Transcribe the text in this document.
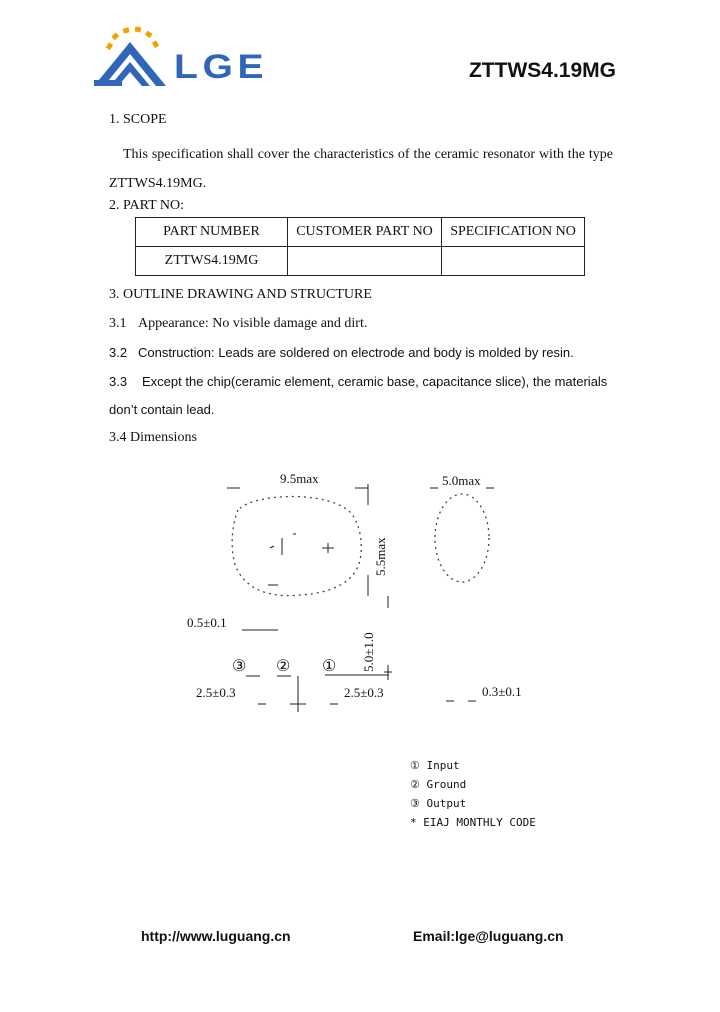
LGE	ZTTWS4.19MG
1. SCOPE
This specification shall cover the characteristics of the ceramic resonator with the type ZTTWS4.19MG.
2. PART NO:
PART NUMBER	CUSTOMER PART NO	SPECIFICATION NO
ZTTWS4.19MG		
3. OUTLINE DRAWING AND STRUCTURE
3.1 Appearance: No visible damage and dirt.
3.2 Construction: Leads are soldered on electrode and body is molded by resin.
3.3 Except the chip(ceramic element, ceramic base, capacitance slice), the materials
don’t contain lead.
3.4 Dimensions
9.5max
5.5max
5.0max
0.5±0.1
5.0±1.0
③ ② ①
2.5±0.3	2.5±0.3	0.3±0.1
① Input
② Ground
③ Output
* EIAJ MONTHLY CODE
http://www.luguang.cn	Email:lge@luguang.cn
